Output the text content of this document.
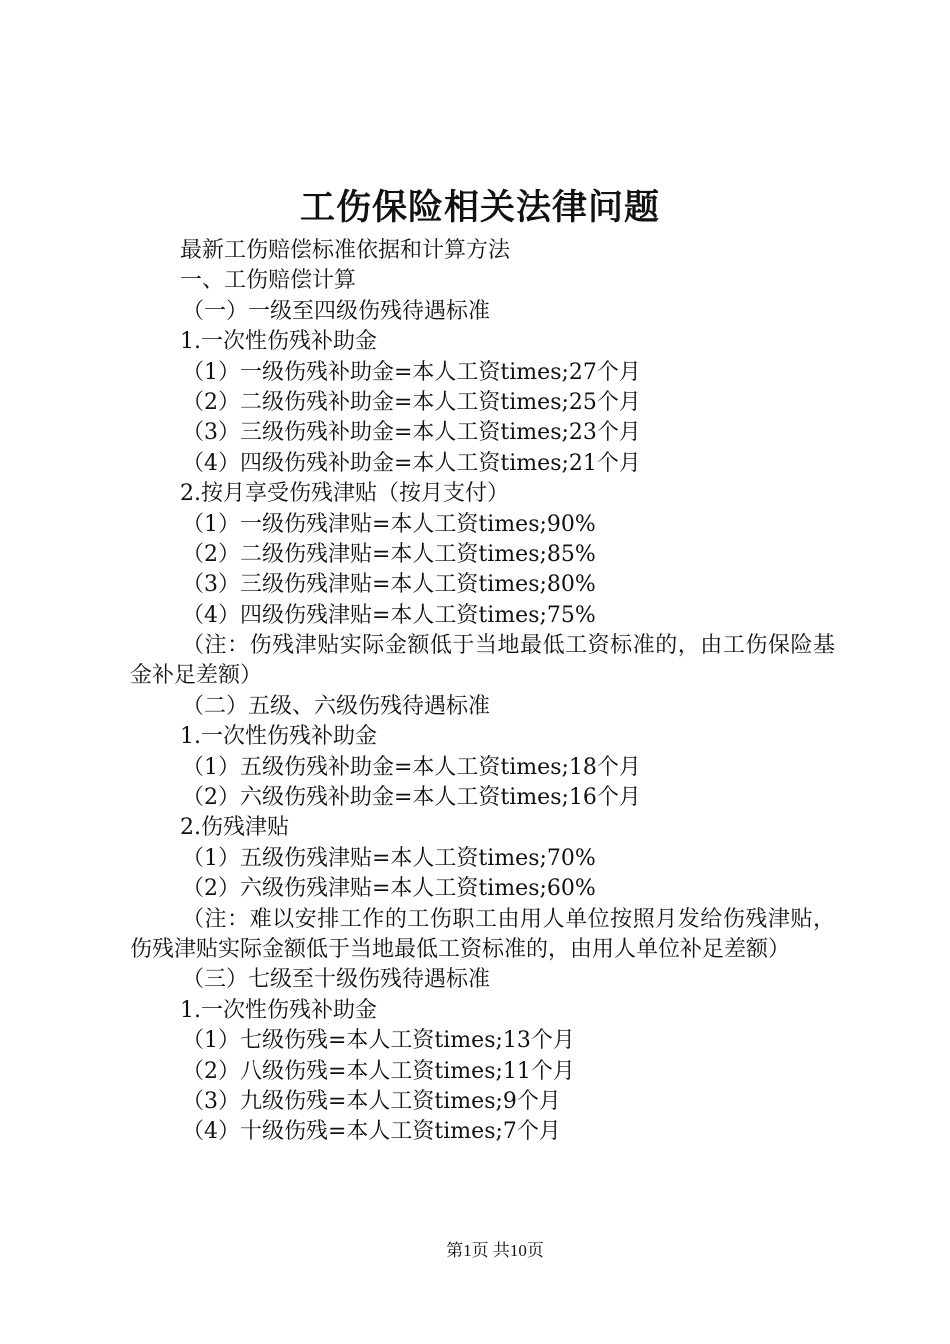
工伤保险相关法律问题
最新工伤赔偿标准依据和计算方法
一、工伤赔偿计算
（一）一级至四级伤残待遇标准
1.一次性伤残补助金
（1）一级伤残补助金=本人工资times;27个月
（2）二级伤残补助金=本人工资times;25个月
（3）三级伤残补助金=本人工资times;23个月
（4）四级伤残补助金=本人工资times;21个月
2.按月享受伤残津贴（按月支付）
（1）一级伤残津贴=本人工资times;90%
（2）二级伤残津贴=本人工资times;85%
（3）三级伤残津贴=本人工资times;80%
（4）四级伤残津贴=本人工资times;75%
（注：伤残津贴实际金额低于当地最低工资标准的，由工伤保险基金补足差额）
（二）五级、六级伤残待遇标准
1.一次性伤残补助金
（1）五级伤残补助金=本人工资times;18个月
（2）六级伤残补助金=本人工资times;16个月
2.伤残津贴
（1）五级伤残津贴=本人工资times;70%
（2）六级伤残津贴=本人工资times;60%
（注：难以安排工作的工伤职工由用人单位按照月发给伤残津贴，伤残津贴实际金额低于当地最低工资标准的，由用人单位补足差额）
（三）七级至十级伤残待遇标准
1.一次性伤残补助金
（1）七级伤残=本人工资times;13个月
（2）八级伤残=本人工资times;11个月
（3）九级伤残=本人工资times;9个月
（4）十级伤残=本人工资times;7个月
第1页 共10页
